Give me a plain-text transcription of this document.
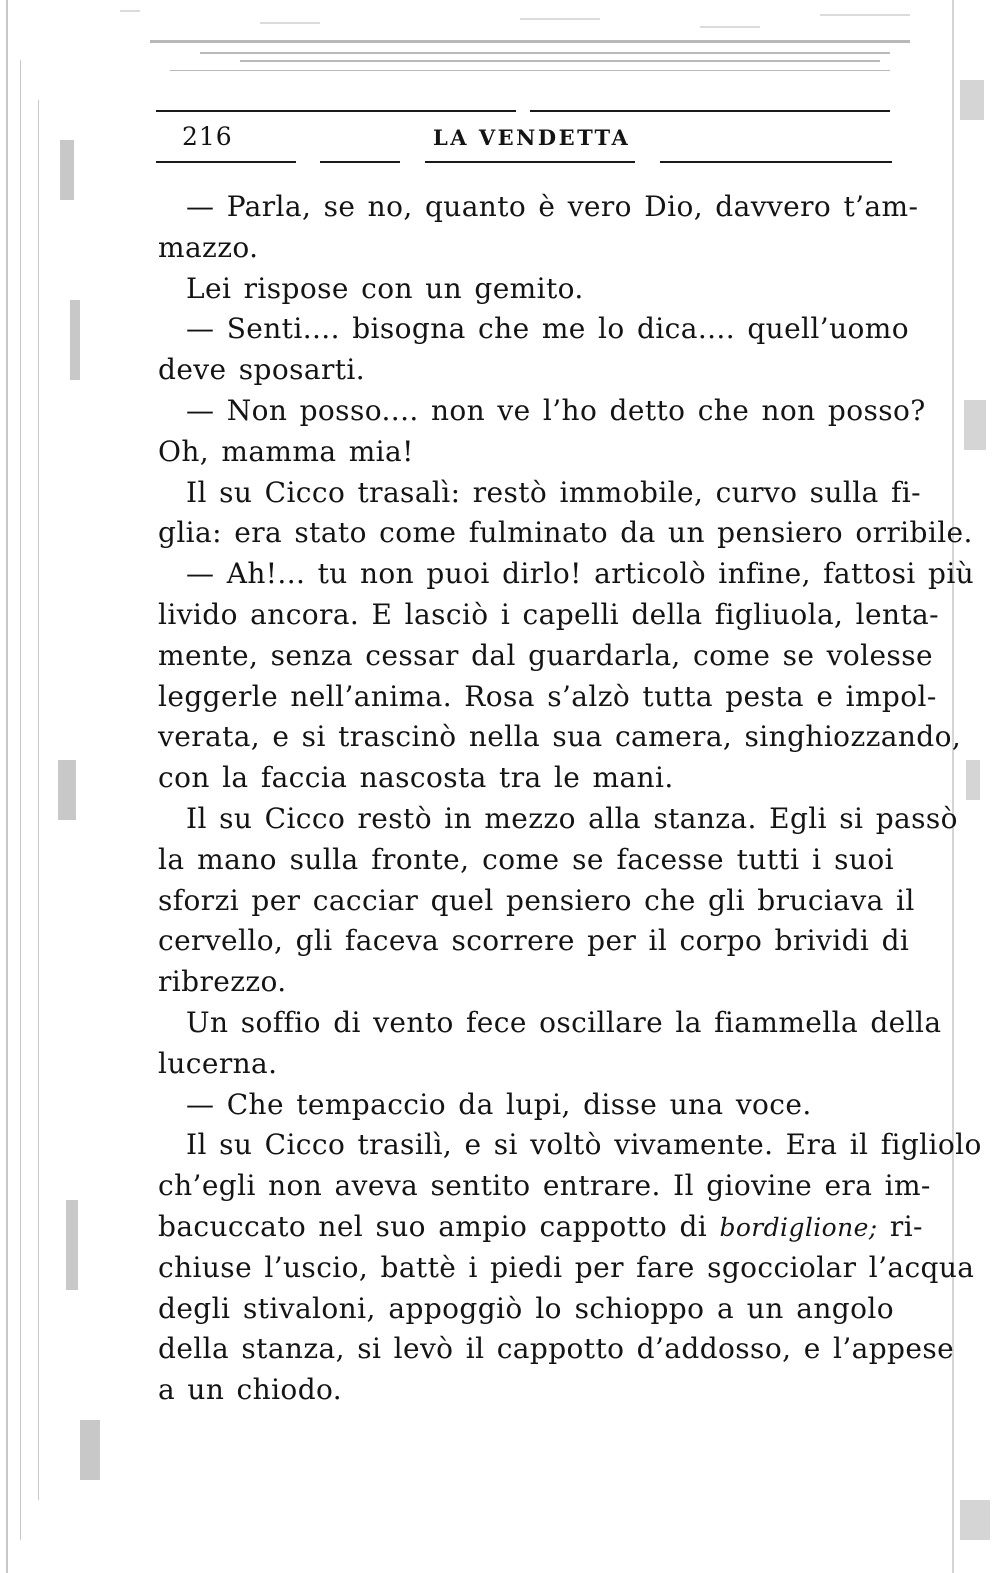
216	LA VENDETTA
— Parla, se no, quanto è vero Dio, davvero t’am-
mazzo.
Lei rispose con un gemito.
— Senti.... bisogna che me lo dica.... quell’uomo
deve sposarti.
— Non posso.... non ve l’ho detto che non posso?
Oh, mamma mia!
Il su Cicco trasalì: restò immobile, curvo sulla fi-
glia: era stato come fulminato da un pensiero orribile.
— Ah!... tu non puoi dirlo! articolò infine, fattosi più
livido ancora. E lasciò i capelli della figliuola, lenta-
mente, senza cessar dal guardarla, come se volesse
leggerle nell’anima. Rosa s’alzò tutta pesta e impol-
verata, e si trascinò nella sua camera, singhiozzando,
con la faccia nascosta tra le mani.
Il su Cicco restò in mezzo alla stanza. Egli si passò
la mano sulla fronte, come se facesse tutti i suoi
sforzi per cacciar quel pensiero che gli bruciava il
cervello, gli faceva scorrere per il corpo brividi di
ribrezzo.
Un soffio di vento fece oscillare la fiammella della
lucerna.
— Che tempaccio da lupi, disse una voce.
Il su Cicco trasilì, e si voltò vivamente. Era il figliolo
ch’egli non aveva sentito entrare. Il giovine era im-
bacuccato nel suo ampio cappotto di bordiglione; ri-
chiuse l’uscio, battè i piedi per fare sgocciolar l’acqua
degli stivaloni, appoggiò lo schioppo a un angolo
della stanza, si levò il cappotto d’addosso, e l’appese
a un chiodo.
